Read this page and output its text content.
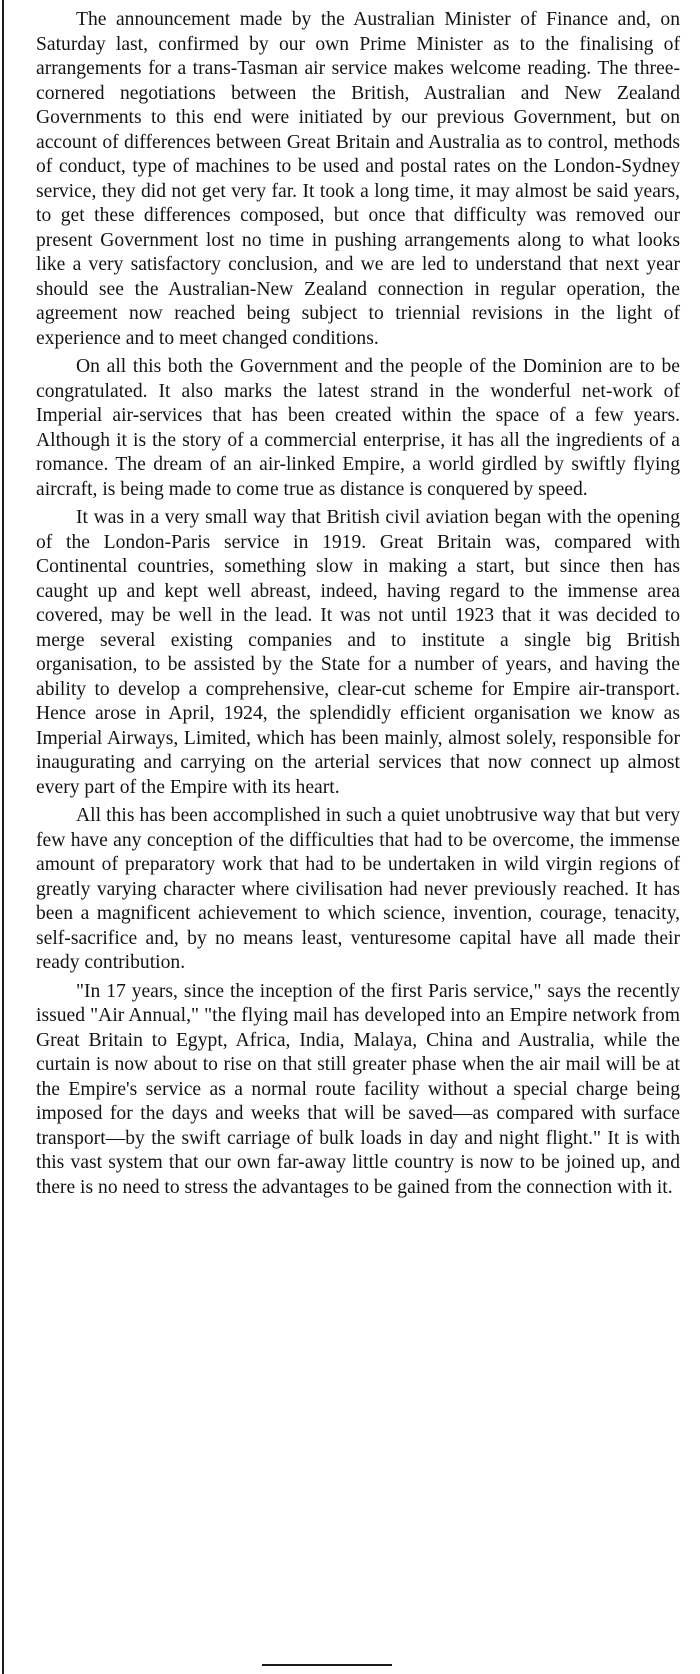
The announcement made by the Australian Minister of Finance and, on Saturday last, confirmed by our own Prime Minister as to the finalising of arrangements for a trans-Tasman air service makes welcome reading. The three-cornered negotiations between the British, Australian and New Zealand Governments to this end were initiated by our previous Government, but on account of differences between Great Britain and Australia as to control, methods of conduct, type of machines to be used and postal rates on the London-Sydney service, they did not get very far. It took a long time, it may almost be said years, to get these differences composed, but once that difficulty was removed our present Government lost no time in pushing arrangements along to what looks like a very satisfactory conclusion, and we are led to understand that next year should see the Australian-New Zealand connection in regular operation, the agreement now reached being subject to triennial revisions in the light of experience and to meet changed conditions.

On all this both the Government and the people of the Dominion are to be congratulated. It also marks the latest strand in the wonderful net-work of Imperial air-services that has been created within the space of a few years. Although it is the story of a commercial enterprise, it has all the ingredients of a romance. The dream of an air-linked Empire, a world girdled by swiftly flying aircraft, is being made to come true as distance is conquered by speed.

It was in a very small way that British civil aviation began with the opening of the London-Paris service in 1919. Great Britain was, compared with Continental countries, something slow in making a start, but since then has caught up and kept well abreast, indeed, having regard to the immense area covered, may be well in the lead. It was not until 1923 that it was decided to merge several existing companies and to institute a single big British organisation, to be assisted by the State for a number of years, and having the ability to develop a comprehensive, clear-cut scheme for Empire air-transport. Hence arose in April, 1924, the splendidly efficient organisation we know as Imperial Airways, Limited, which has been mainly, almost solely, responsible for inaugurating and carrying on the arterial services that now connect up almost every part of the Empire with its heart.

All this has been accomplished in such a quiet unobtrusive way that but very few have any conception of the difficulties that had to be overcome, the immense amount of preparatory work that had to be undertaken in wild virgin regions of greatly varying character where civilisation had never previously reached. It has been a magnificent achievement to which science, invention, courage, tenacity, self-sacrifice and, by no means least, venturesome capital have all made their ready contribution.

"In 17 years, since the inception of the first Paris service," says the recently issued "Air Annual," "the flying mail has developed into an Empire network from Great Britain to Egypt, Africa, India, Malaya, China and Australia, while the curtain is now about to rise on that still greater phase when the air mail will be at the Empire's service as a normal route facility without a special charge being imposed for the days and weeks that will be saved—as compared with surface transport—by the swift carriage of bulk loads in day and night flight." It is with this vast system that our own far-away little country is now to be joined up, and there is no need to stress the advantages to be gained from the connection with it.
